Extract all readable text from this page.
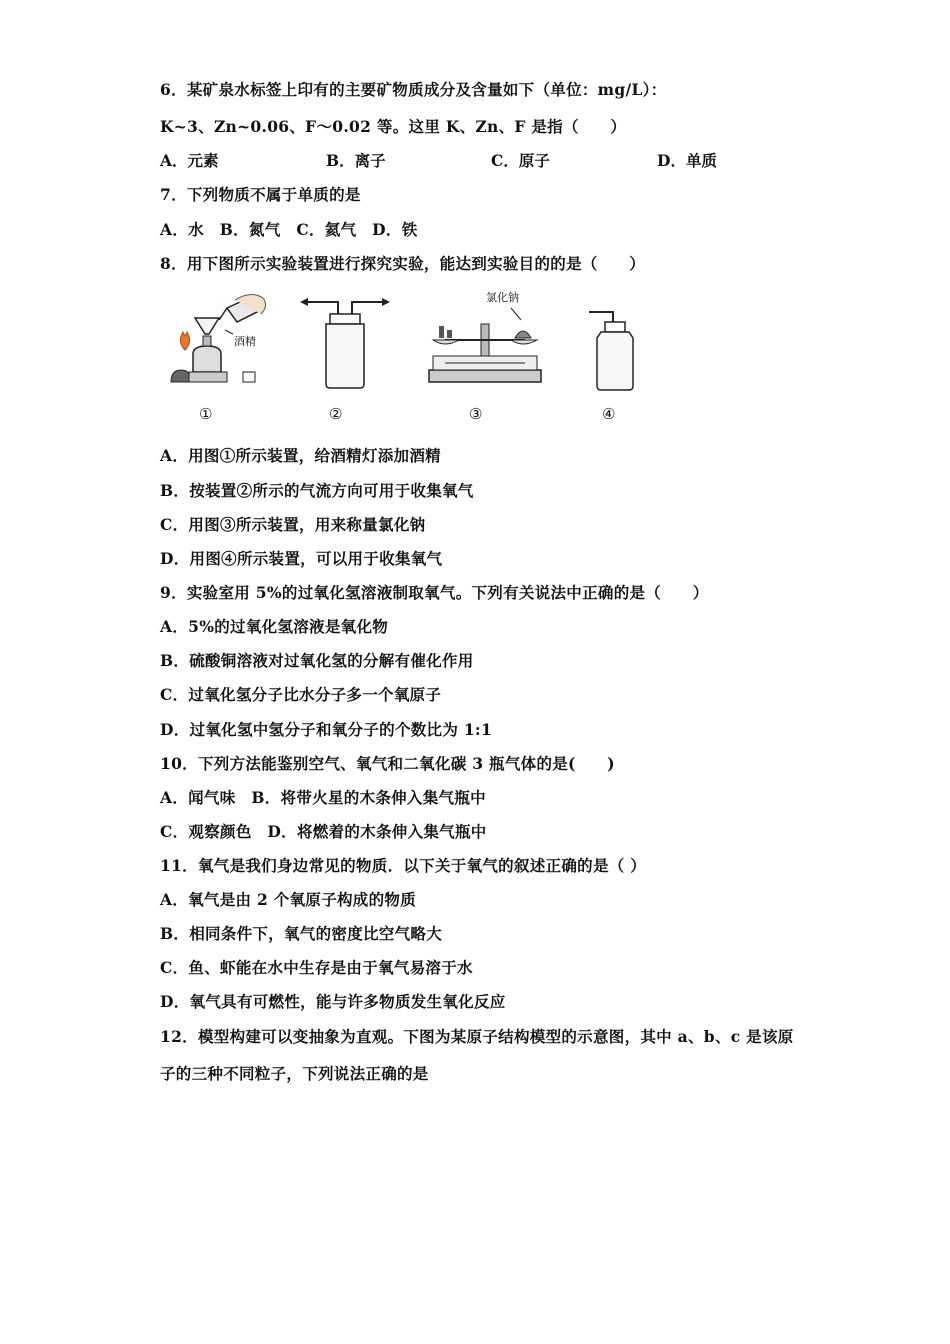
6．某矿泉水标签上印有的主要矿物质成分及含量如下（单位：mg/L）：
K~3、Zn~0.06、F～0.02 等。这里 K、Zn、F 是指（　　）
A．元素	B．离子	C．原子	D．单质
7．下列物质不属于单质的是
A．水　B．氮气　C．氦气　D．铁
8．用下图所示实验装置进行探究实验，能达到实验目的的是（　　）
酒精
氯化钠
①	②	③	④
A．用图①所示装置，给酒精灯添加酒精
B．按装置②所示的气流方向可用于收集氧气
C．用图③所示装置，用来称量氯化钠
D．用图④所示装置，可以用于收集氧气
9．实验室用 5%的过氧化氢溶液制取氧气。下列有关说法中正确的是（　　）
A．5%的过氧化氢溶液是氧化物
B．硫酸铜溶液对过氧化氢的分解有催化作用
C．过氧化氢分子比水分子多一个氧原子
D．过氧化氢中氢分子和氧分子的个数比为 1:1
10．下列方法能鉴别空气、氧气和二氧化碳 3 瓶气体的是(　　)
A．闻气味　B．将带火星的木条伸入集气瓶中
C．观察颜色　D．将燃着的木条伸入集气瓶中
11．氧气是我们身边常见的物质．以下关于氧气的叙述正确的是（ ）
A．氧气是由 2 个氧原子构成的物质
B．相同条件下，氧气的密度比空气略大
C．鱼、虾能在水中生存是由于氧气易溶于水
D．氧气具有可燃性，能与许多物质发生氧化反应
12．模型构建可以变抽象为直观。下图为某原子结构模型的示意图，其中 a、b、c 是该原
子的三种不同粒子，下列说法正确的是
